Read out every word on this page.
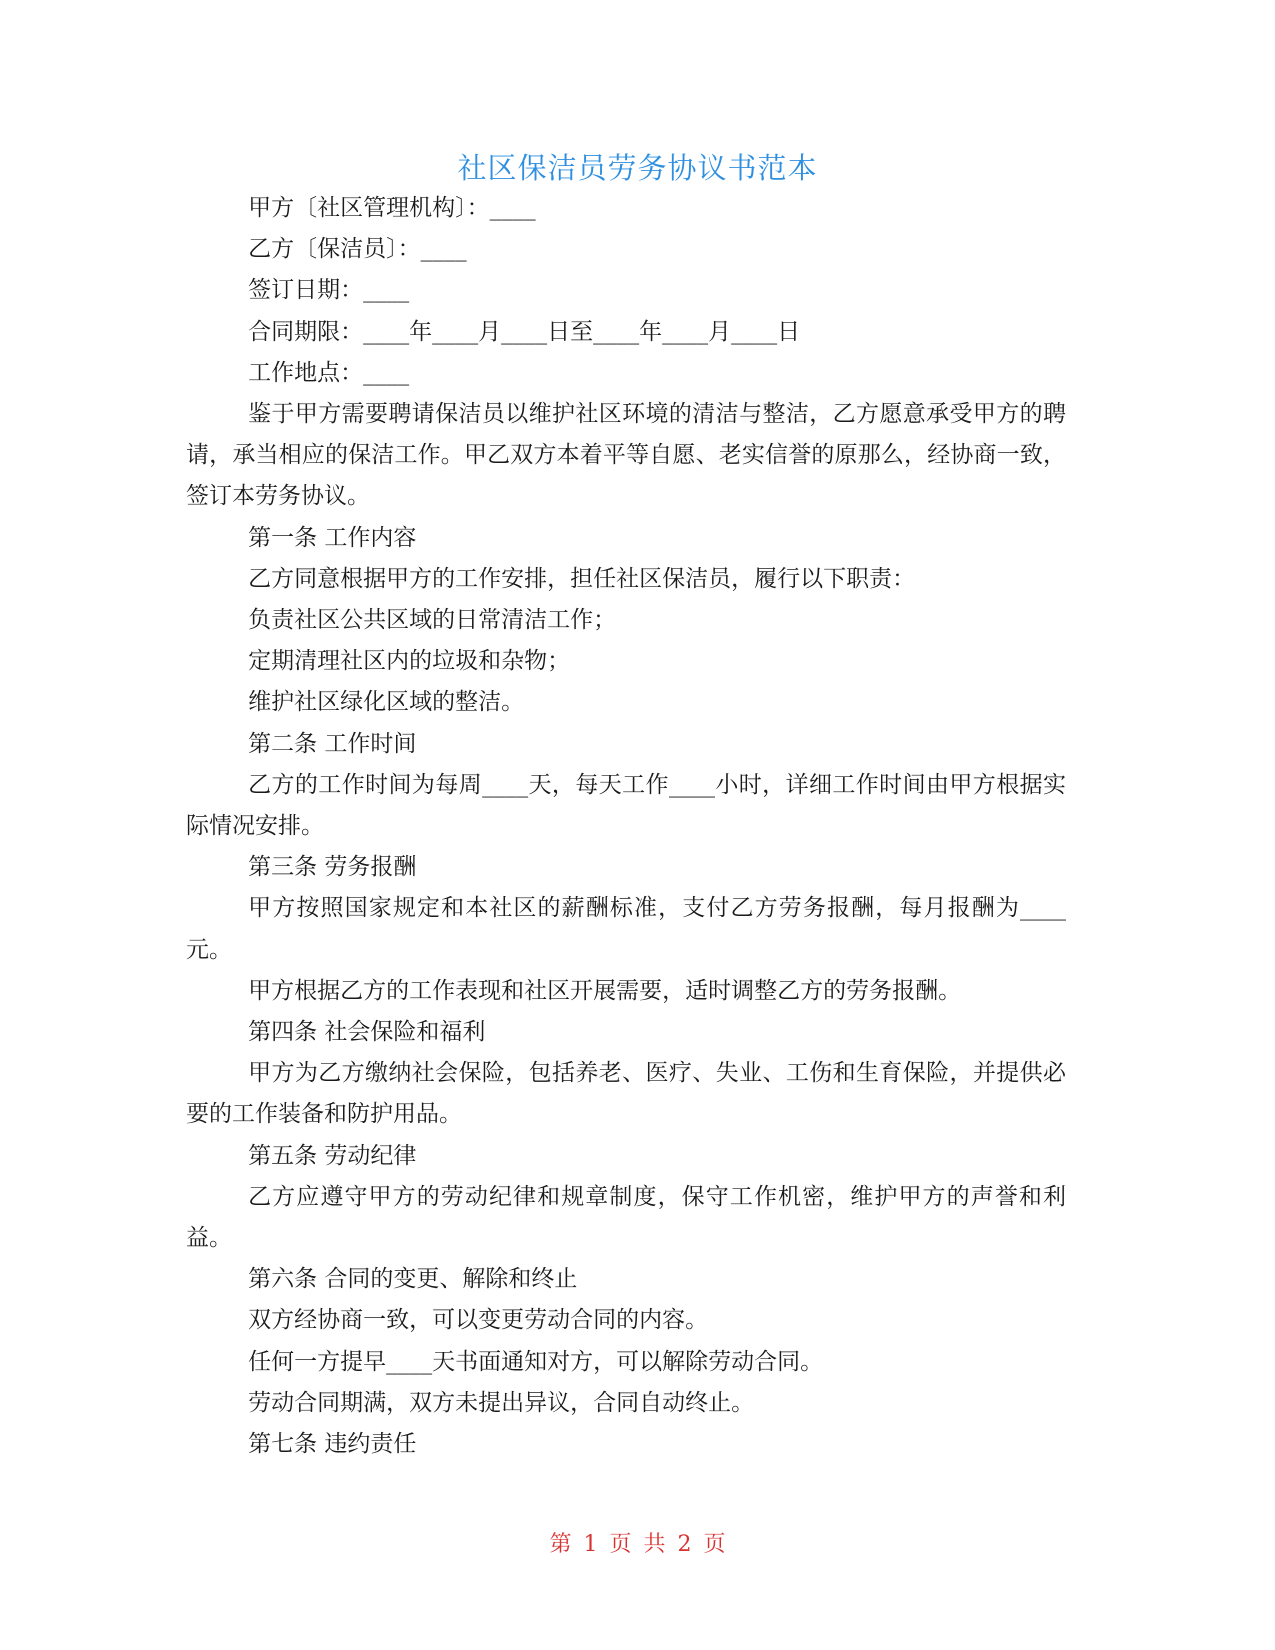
社区保洁员劳务协议书范本

甲方〔社区管理机构〕：____

乙方〔保洁员〕：____

签订日期：____

合同期限：____年____月____日至____年____月____日

工作地点：____

鉴于甲方需要聘请保洁员以维护社区环境的清洁与整洁，乙方愿意承受甲方的聘请，承当相应的保洁工作。甲乙双方本着平等自愿、老实信誉的原那么，经协商一致，签订本劳务协议。

第一条 工作内容

乙方同意根据甲方的工作安排，担任社区保洁员，履行以下职责：

负责社区公共区域的日常清洁工作；

定期清理社区内的垃圾和杂物；

维护社区绿化区域的整洁。

第二条 工作时间

乙方的工作时间为每周____天，每天工作____小时，详细工作时间由甲方根据实际情况安排。

第三条 劳务报酬

甲方按照国家规定和本社区的薪酬标准，支付乙方劳务报酬，每月报酬为____元。

甲方根据乙方的工作表现和社区开展需要，适时调整乙方的劳务报酬。

第四条 社会保险和福利

甲方为乙方缴纳社会保险，包括养老、医疗、失业、工伤和生育保险，并提供必要的工作装备和防护用品。

第五条 劳动纪律

乙方应遵守甲方的劳动纪律和规章制度，保守工作机密，维护甲方的声誉和利益。

第六条 合同的变更、解除和终止

双方经协商一致，可以变更劳动合同的内容。

任何一方提早____天书面通知对方，可以解除劳动合同。

劳动合同期满，双方未提出异议，合同自动终止。

第七条 违约责任

第 1 页 共 2 页
